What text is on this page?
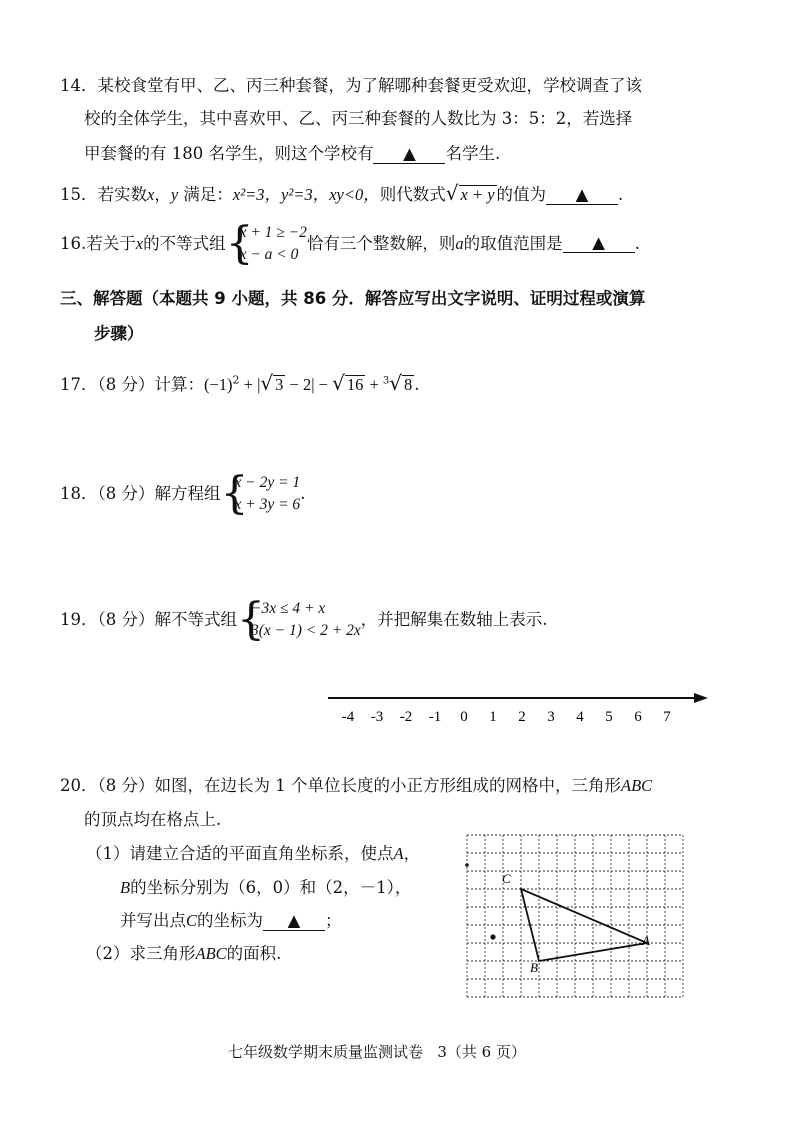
14．某校食堂有甲、乙、丙三种套餐，为了解哪种套餐更受欢迎，学校调查了该
校的全体学生，其中喜欢甲、乙、丙三种套餐的人数比为 3：5：2，若选择
甲套餐的有 180 名学生，则这个学校有 ▲ 名学生.
15．若实数x，y 满足：x²=3，y²=3，xy<0，则代数式√ x + y 的值为 ▲ .
16.若关于x的不等式组 {
x + 1 ≥ −2
x − a < 0
恰有三个整数解，则a的取值范围是 ▲ .
三、解答题（本题共 9 小题，共 86 分．解答应写出文字说明、证明过程或演算
步骤）
17．（8 分）计算：$(-1)^2$ + |√ 3 − 2| − √ 16 + $^3$√ 8 .
18．（8 分）解方程组 {
x − 2y = 1
x + 3y = 6
.
19．（8 分）解不等式组 {
−3x ≤ 4 + x
3(x − 1) < 2 + 2x
，并把解集在数轴上表示.
-4 -3 -2 -1 0 1 2 3 4 5 6 7
20．（8 分）如图，在边长为 1 个单位长度的小正方形组成的网格中，三角形ABC
的顶点均在格点上.
（1）请建立合适的平面直角坐标系，使点A，
B的坐标分别为（6，0）和（2，－1），
并写出点C的坐标为 ▲ ；
（2）求三角形ABC的面积.
A
B
C
七年级数学期末质量监测试卷 3（共 6 页）
